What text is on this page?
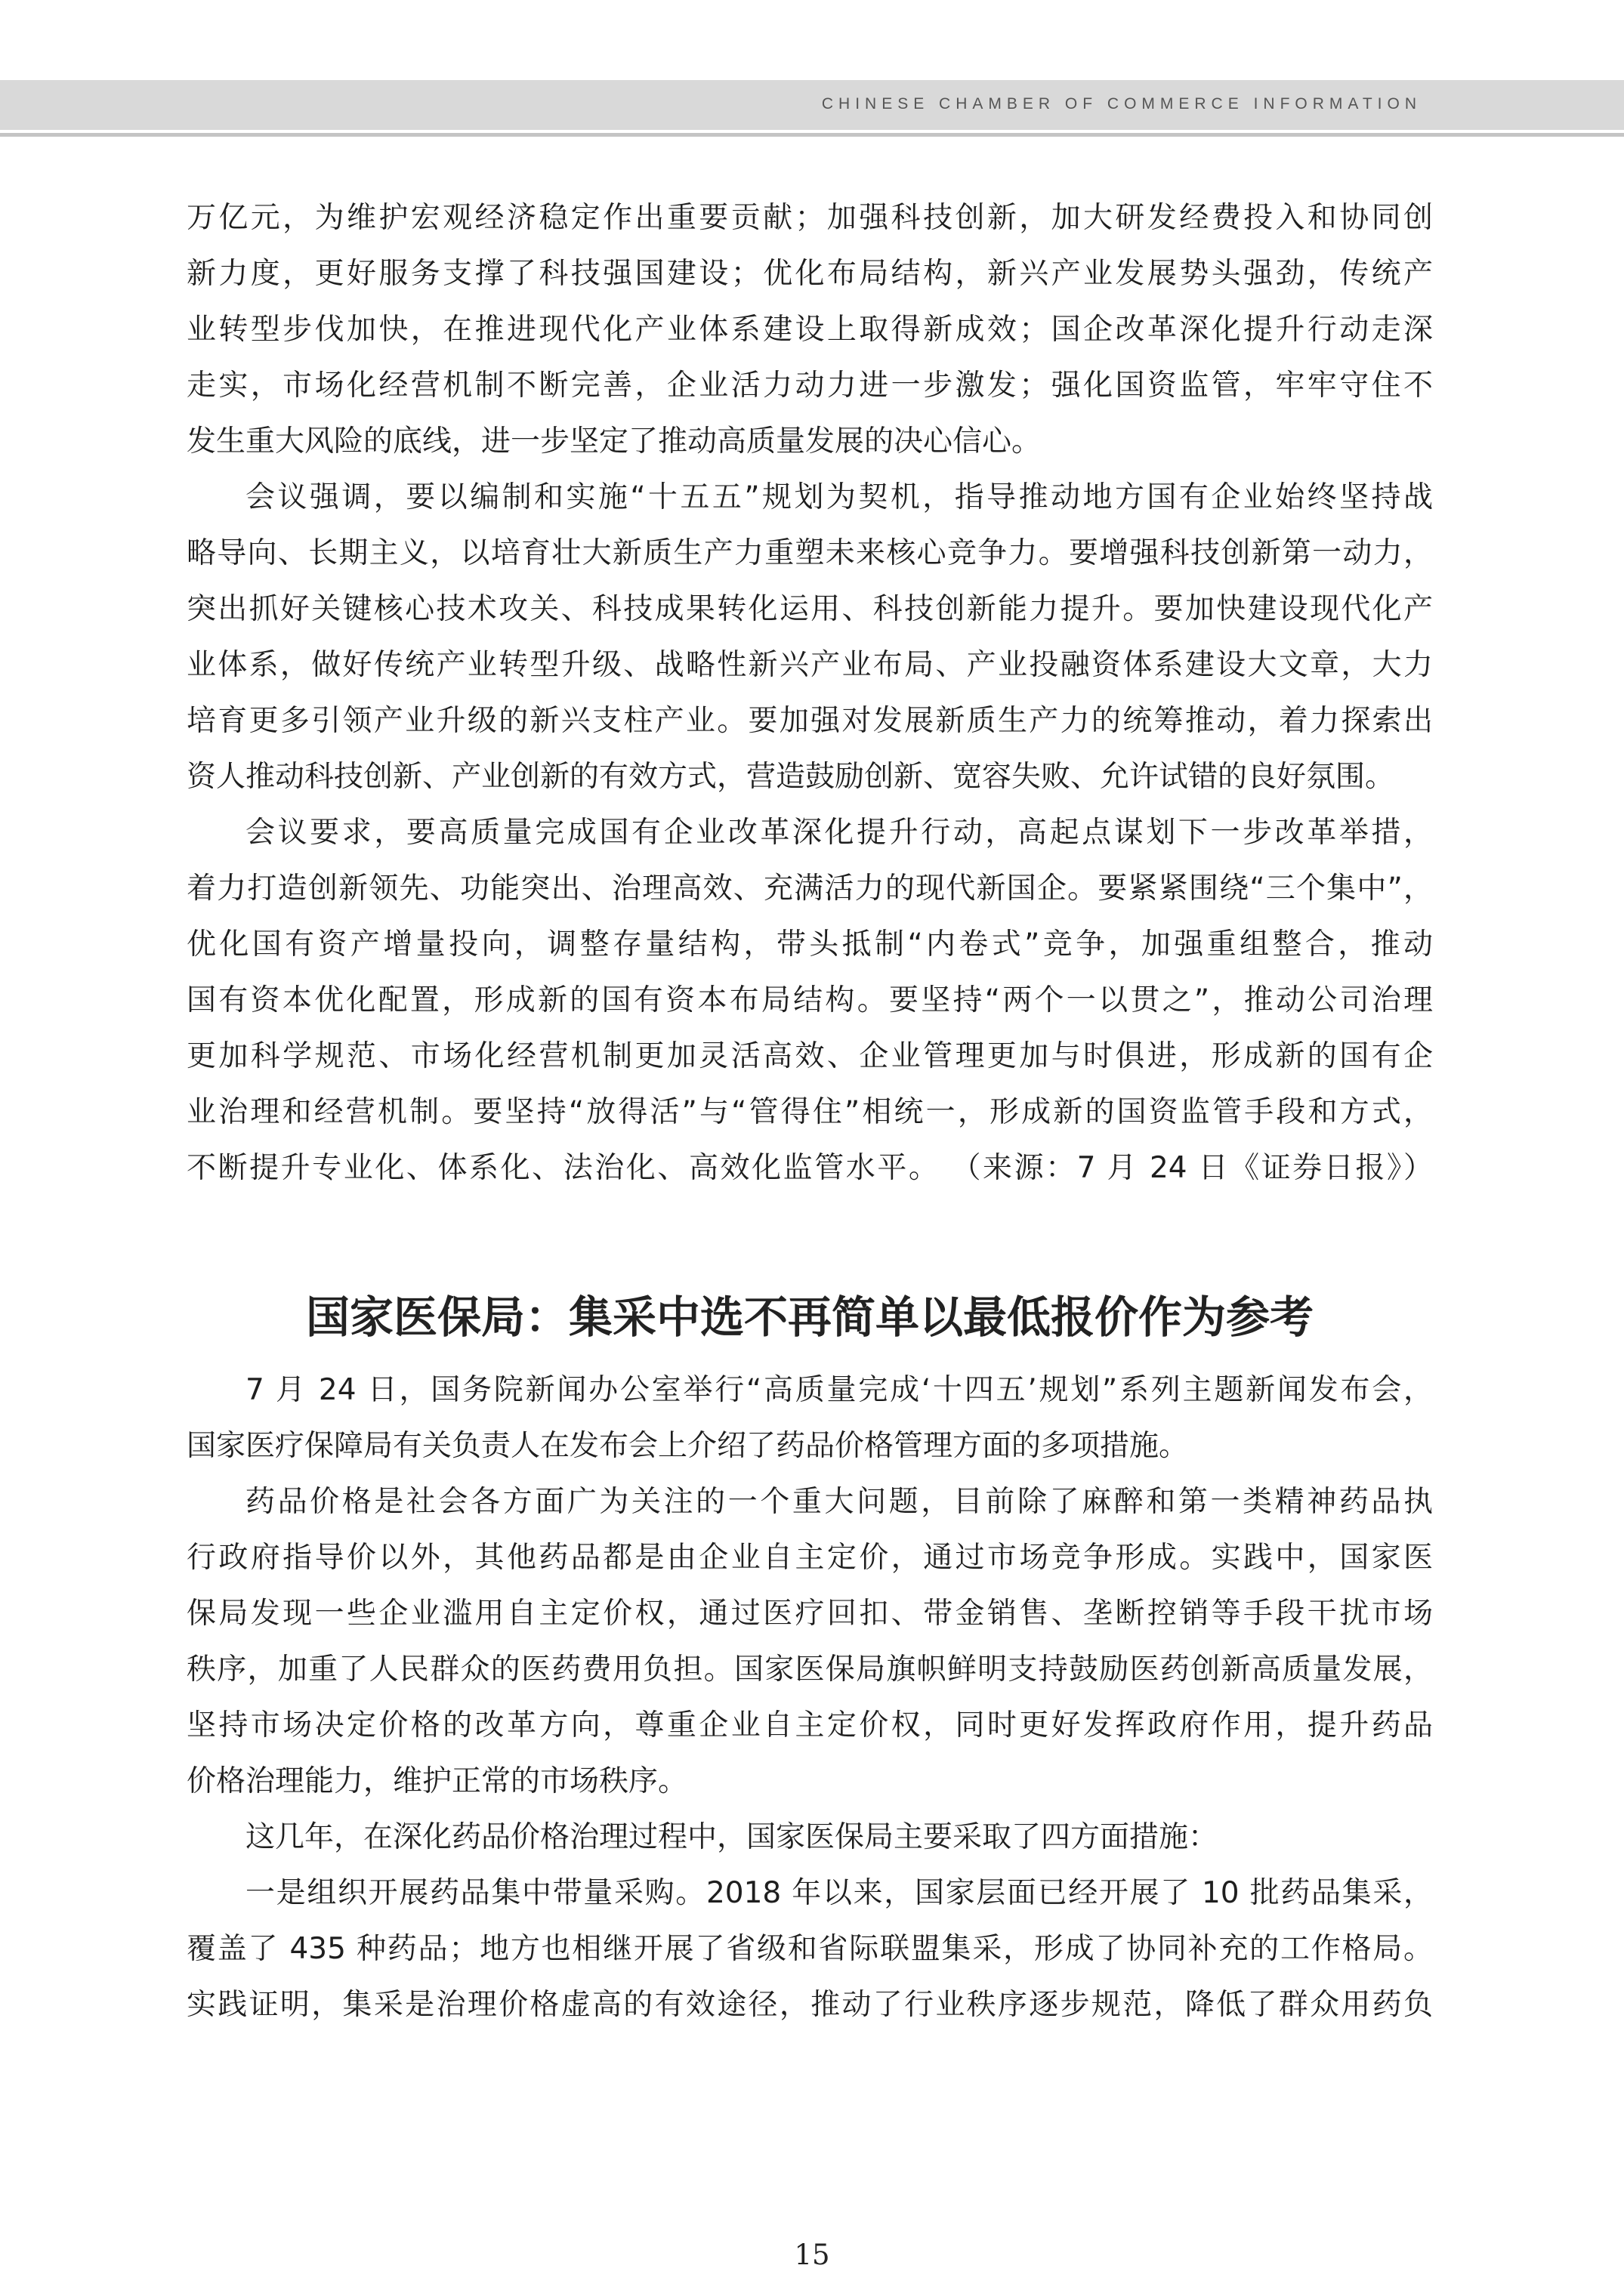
CHINESE CHAMBER OF COMMERCE INFORMATION
万亿元，为维护宏观经济稳定作出重要贡献；加强科技创新，加大研发经费投入和协同创
新力度，更好服务支撑了科技强国建设；优化布局结构，新兴产业发展势头强劲，传统产
业转型步伐加快，在推进现代化产业体系建设上取得新成效；国企改革深化提升行动走深
走实，市场化经营机制不断完善，企业活力动力进一步激发；强化国资监管，牢牢守住不
发生重大风险的底线，进一步坚定了推动高质量发展的决心信心。
会议强调，要以编制和实施“十五五”规划为契机，指导推动地方国有企业始终坚持战
略导向、长期主义，以培育壮大新质生产力重塑未来核心竞争力。要增强科技创新第一动力，
突出抓好关键核心技术攻关、科技成果转化运用、科技创新能力提升。要加快建设现代化产
业体系，做好传统产业转型升级、战略性新兴产业布局、产业投融资体系建设大文章，大力
培育更多引领产业升级的新兴支柱产业。要加强对发展新质生产力的统筹推动，着力探索出
资人推动科技创新、产业创新的有效方式，营造鼓励创新、宽容失败、允许试错的良好氛围。
会议要求，要高质量完成国有企业改革深化提升行动，高起点谋划下一步改革举措，
着力打造创新领先、功能突出、治理高效、充满活力的现代新国企。要紧紧围绕“三个集中”，
优化国有资产增量投向，调整存量结构，带头抵制“内卷式”竞争，加强重组整合，推动
国有资本优化配置，形成新的国有资本布局结构。要坚持“两个一以贯之”，推动公司治理
更加科学规范、市场化经营机制更加灵活高效、企业管理更加与时俱进，形成新的国有企
业治理和经营机制。要坚持“放得活”与“管得住”相统一，形成新的国资监管手段和方式，
不断提升专业化、体系化、法治化、高效化监管水平。 （来源：7 月 24 日《证券日报》）
国家医保局：集采中选不再简单以最低报价作为参考
7 月 24 日，国务院新闻办公室举行“高质量完成‘十四五’规划”系列主题新闻发布会，
国家医疗保障局有关负责人在发布会上介绍了药品价格管理方面的多项措施。
药品价格是社会各方面广为关注的一个重大问题，目前除了麻醉和第一类精神药品执
行政府指导价以外，其他药品都是由企业自主定价，通过市场竞争形成。实践中，国家医
保局发现一些企业滥用自主定价权，通过医疗回扣、带金销售、垄断控销等手段干扰市场
秩序，加重了人民群众的医药费用负担。国家医保局旗帜鲜明支持鼓励医药创新高质量发展，
坚持市场决定价格的改革方向，尊重企业自主定价权，同时更好发挥政府作用，提升药品
价格治理能力，维护正常的市场秩序。
这几年，在深化药品价格治理过程中，国家医保局主要采取了四方面措施：
一是组织开展药品集中带量采购。2018 年以来，国家层面已经开展了 10 批药品集采，
覆盖了 435 种药品；地方也相继开展了省级和省际联盟集采，形成了协同补充的工作格局。
实践证明，集采是治理价格虚高的有效途径，推动了行业秩序逐步规范，降低了群众用药负
15
